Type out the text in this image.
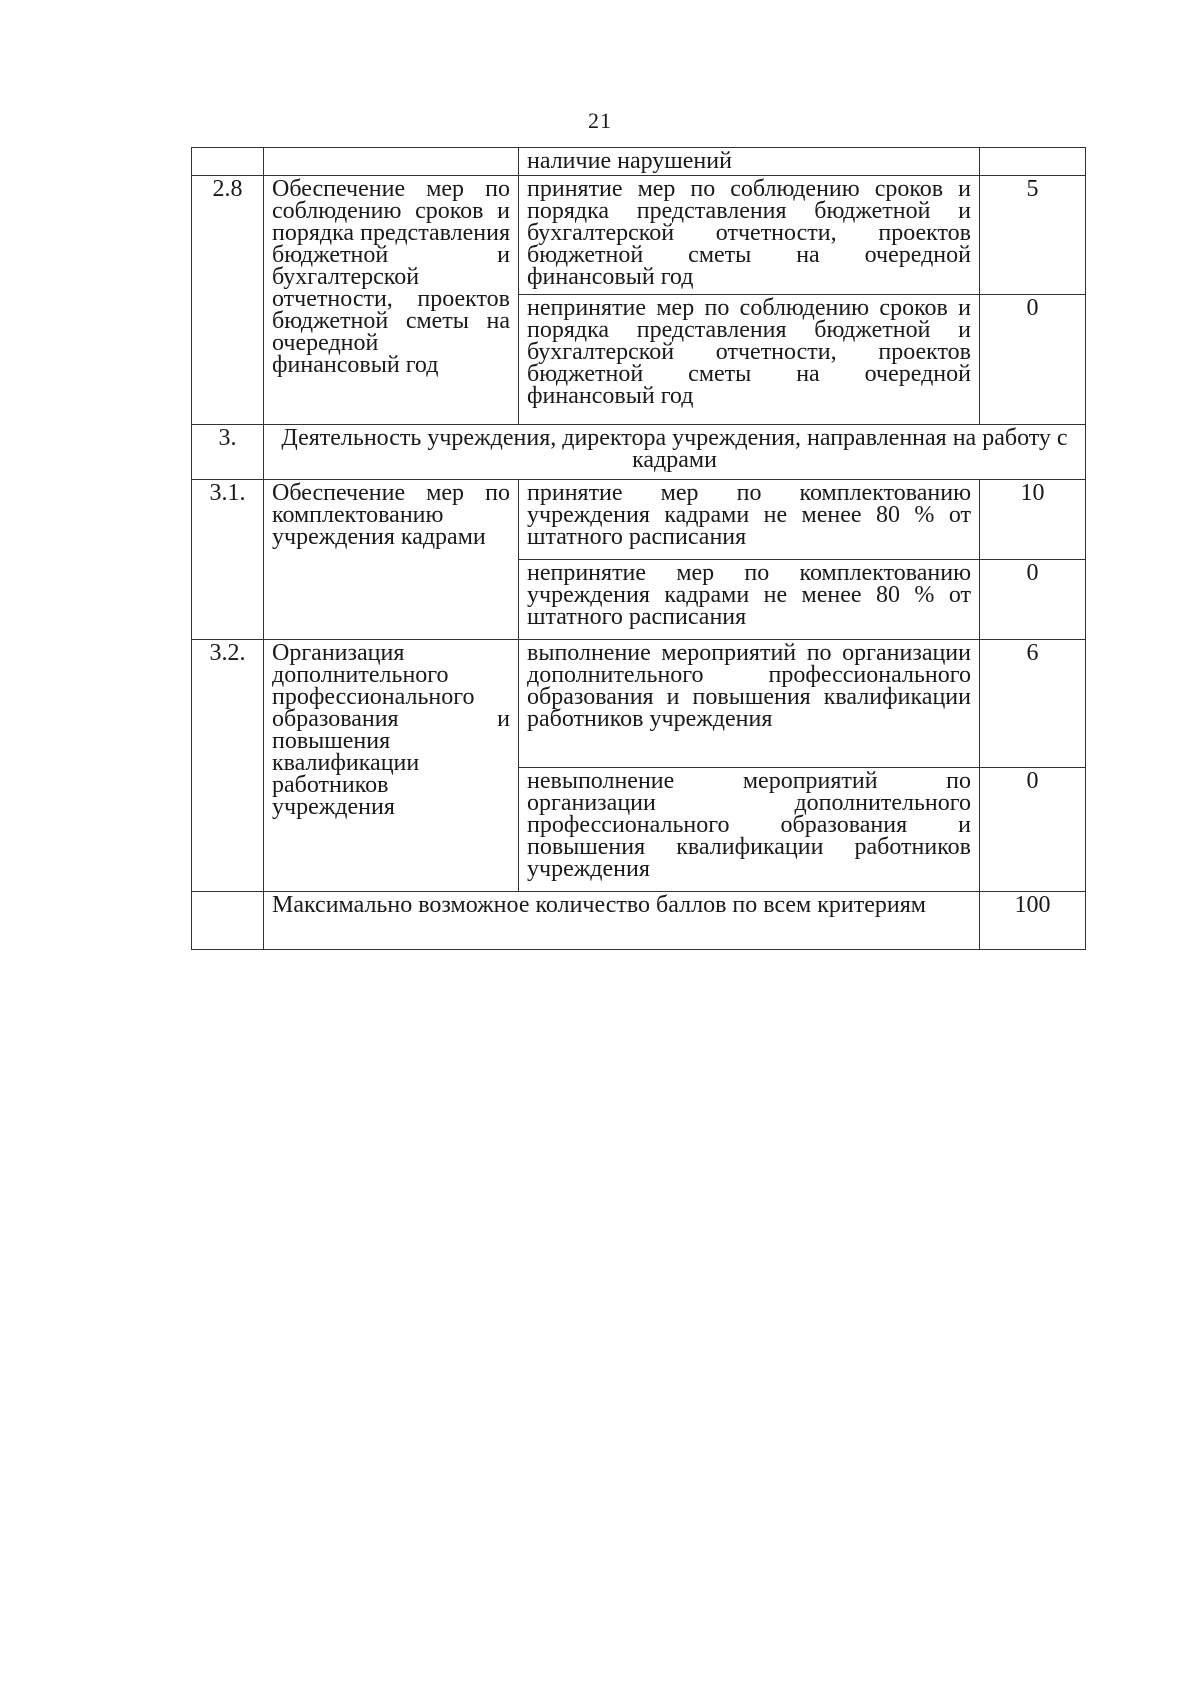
21
		наличие нарушений	
2.8	Обеспечение мер по соблюдению сроков и порядка представления бюджетной и бухгалтерской отчетности, проектов бюджетной сметы на очередной финансовый год	принятие мер по соблюдению сроков и порядка представления бюджетной и бухгалтерской отчетности, проектов бюджетной сметы на очередной финансовый год	5
		непринятие мер по соблюдению сроков и порядка представления бюджетной и бухгалтерской отчетности, проектов бюджетной сметы на очередной финансовый год	0
3.	Деятельность учреждения, директора учреждения, направленная на работу с кадрами		
3.1.	Обеспечение мер по комплектованию учреждения кадрами	принятие мер по комплектованию учреждения кадрами не менее 80 % от штатного расписания	10
		непринятие мер по комплектованию учреждения кадрами не менее 80 % от штатного расписания	0
3.2.	Организация дополнительного профессионального образования и повышения квалификации работников учреждения	выполнение мероприятий по организации дополнительного профессионального образования и повышения квалификации работников учреждения	6
		невыполнение мероприятий по организации дополнительного профессионального образования и повышения квалификации работников учреждения	0
	Максимально возможное количество баллов по всем критериям		100
